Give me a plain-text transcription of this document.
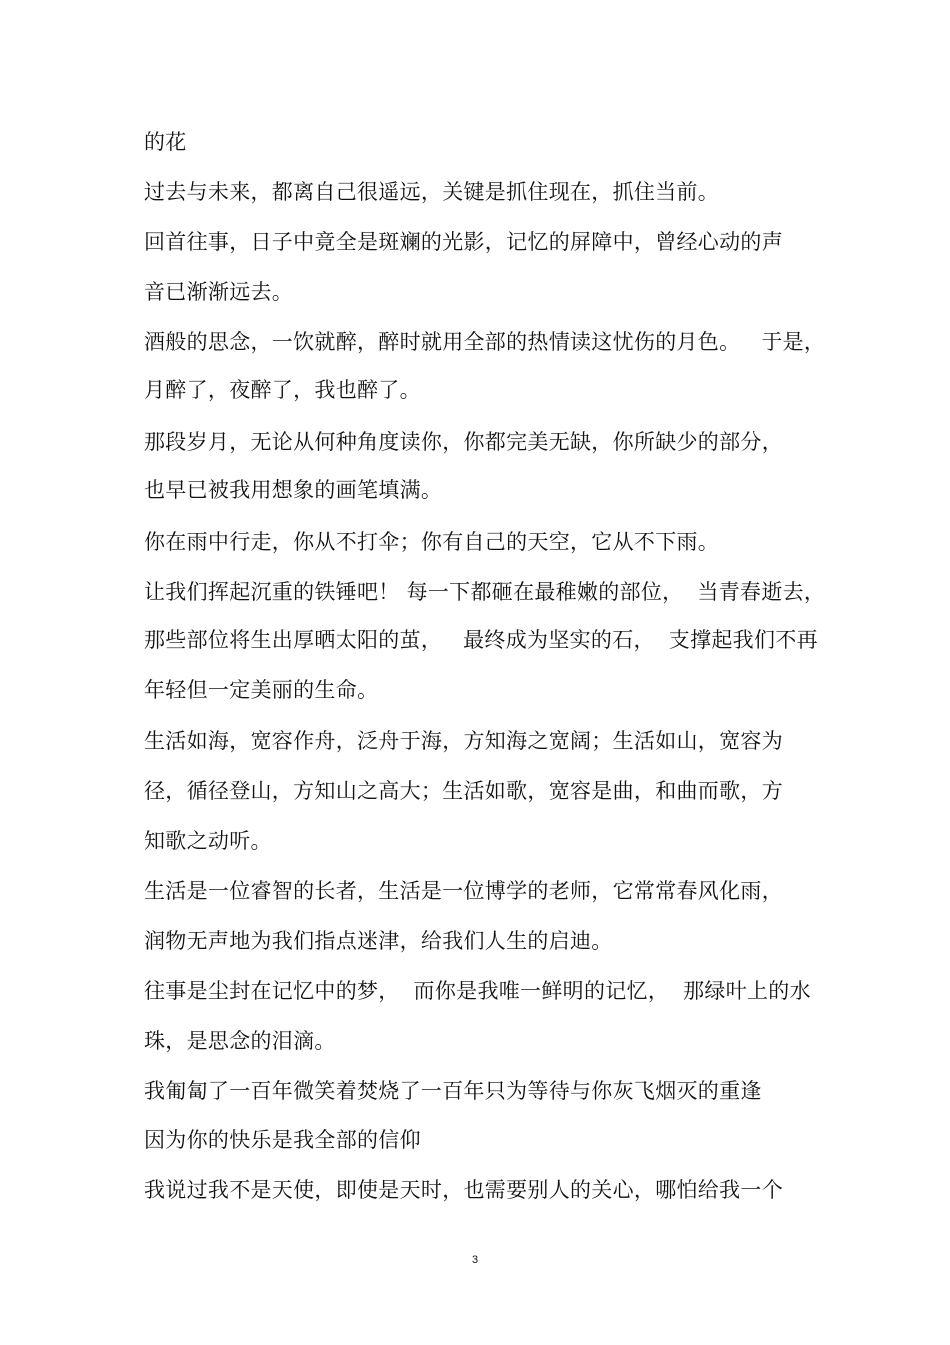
的花
过去与未来，都离自己很遥远，关键是抓住现在，抓住当前。
回首往事，日子中竟全是斑斓的光影，记忆的屏障中，曾经心动的声
音已渐渐远去。
酒般的思念，一饮就醉，醉时就用全部的热情读这忧伤的月色。   于是，
月醉了，夜醉了，我也醉了。
那段岁月，无论从何种角度读你，你都完美无缺，你所缺少的部分，
也早已被我用想象的画笔填满。
你在雨中行走，你从不打伞；你有自己的天空，它从不下雨。
让我们挥起沉重的铁锤吧！ 每一下都砸在最稚嫩的部位，  当青春逝去，
那些部位将生出厚晒太阳的茧，   最终成为坚实的石，  支撑起我们不再
年轻但一定美丽的生命。
生活如海，宽容作舟，泛舟于海，方知海之宽阔；生活如山，宽容为
径，循径登山，方知山之高大；生活如歌，宽容是曲，和曲而歌，方
知歌之动听。
生活是一位睿智的长者，生活是一位博学的老师，它常常春风化雨，
润物无声地为我们指点迷津，给我们人生的启迪。
往事是尘封在记忆中的梦，  而你是我唯一鲜明的记忆，  那绿叶上的水
珠，是思念的泪滴。
我匍匐了一百年微笑着焚烧了一百年只为等待与你灰飞烟灭的重逢
因为你的快乐是我全部的信仰
我说过我不是天使，即使是天时，也需要别人的关心，哪怕给我一个
3
